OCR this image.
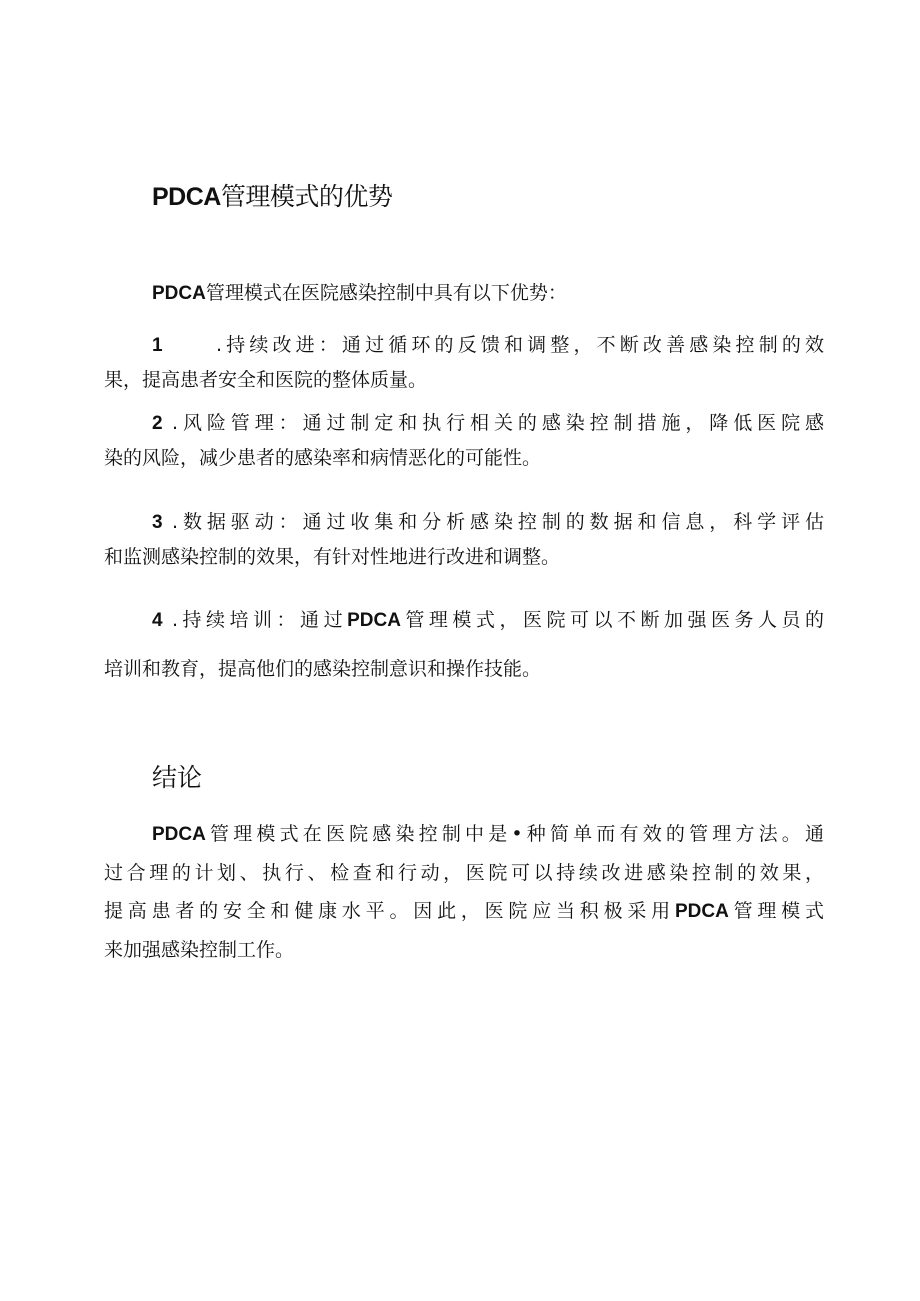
PDCA管理模式的优势

PDCA管理模式在医院感染控制中具有以下优势：

1	.持续改进：通过循环的反馈和调整，不断改善感染控制的效
果，提高患者安全和医院的整体质量。

2 .风险管理：通过制定和执行相关的感染控制措施，降低医院感
染的风险，减少患者的感染率和病情恶化的可能性。

3 .数据驱动：通过收集和分析感染控制的数据和信息，科学评估
和监测感染控制的效果，有针对性地进行改进和调整。

4 .持续培训：通过PDCA管理模式，医院可以不断加强医务人员的
培训和教育，提高他们的感染控制意识和操作技能。

结论

PDCA管理模式在医院感染控制中是•种简单而有效的管理方法。通
过合理的计划、执行、检查和行动，医院可以持续改进感染控制的效果，
提高患者的安全和健康水平。因此，医院应当积极采用PDCA管理模式
来加强感染控制工作。
